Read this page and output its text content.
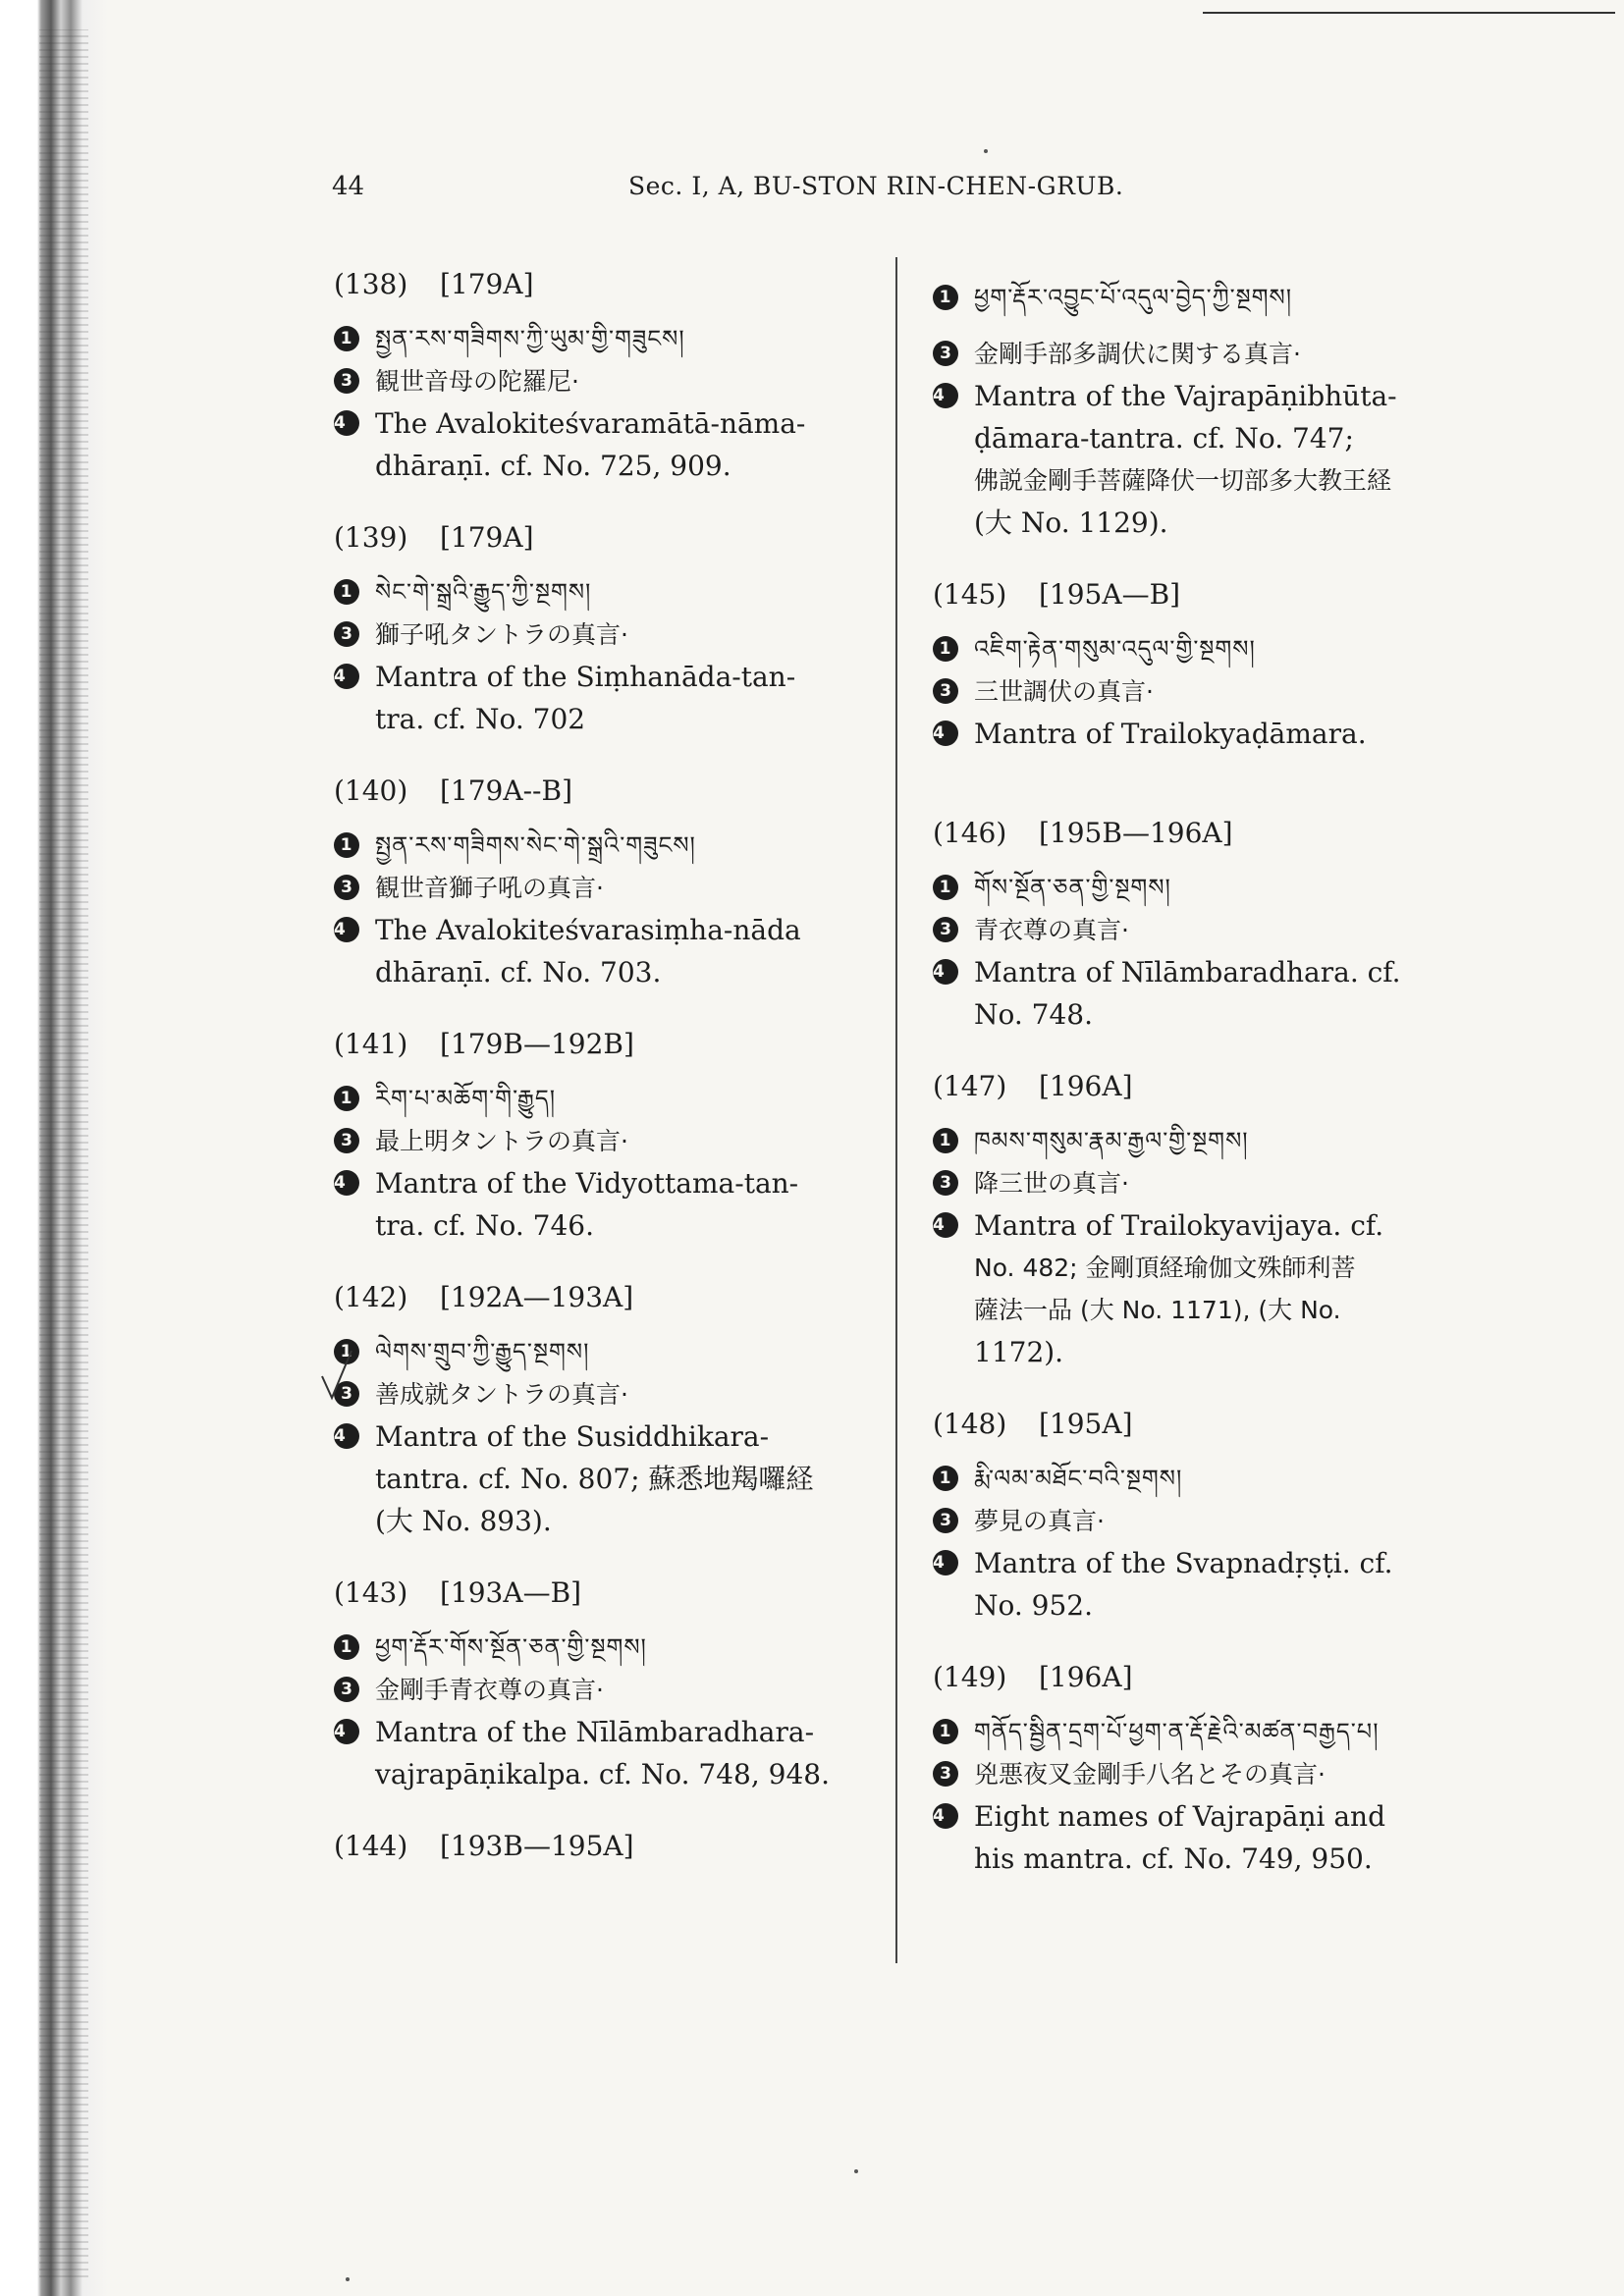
44	Sec. I, A, BU-STON RIN-CHEN-GRUB.
(138) [179A]
1 སྤྱན་རས་གཟིགས་ཀྱི་ཡུམ་གྱི་གཟུངས།
3 観世音母の陀羅尼·
4	The Avalokiteśvaramātā-nāma-
dhāraṇī. cf. No. 725, 909.
(139) [179A]
1 སེང་གེ་སྒྲའི་རྒྱུད་ཀྱི་སྔགས།
3 獅子吼タントラの真言·
4	Mantra of the Siṃhanāda-tan-
tra. cf. No. 702
(140) [179A--B]
1 སྤྱན་རས་གཟིགས་སེང་གེ་སྒྲའི་གཟུངས།
3 観世音獅子吼の真言·
4	The Avalokiteśvarasiṃha-nāda
dhāraṇī. cf. No. 703.
(141) [179B—192B]
1 རིག་པ་མཆོག་གི་རྒྱུད།
3 最上明タントラの真言·
4	Mantra of the Vidyottama-tan-
tra. cf. No. 746.
(142) [192A—193A]
1 ལེགས་གྲུབ་ཀྱི་རྒྱུད་སྔགས།
3 善成就タントラの真言·
4	Mantra of the Susiddhikara-
tantra. cf. No. 807; 蘇悉地羯囉経
(大 No. 893).
(143) [193A—B]
1 ཕྱག་རྡོར་གོས་སྔོན་ཅན་གྱི་སྔགས།
3 金剛手青衣尊の真言·
4	Mantra of the Nīlāmbaradhara-
vajrapāṇikalpa. cf. No. 748, 948.
(144) [193B—195A]
1 ཕྱག་རྡོར་འབྱུང་པོ་འདུལ་བྱེད་ཀྱི་སྔགས།
3 金剛手部多調伏に関する真言·
4	Mantra of the Vajrapāṇibhūta-
ḍāmara-tantra. cf. No. 747;
佛説金剛手菩薩降伏一切部多大教王経
(大 No. 1129).
(145) [195A—B]
1 འཇིག་རྟེན་གསུམ་འདུལ་གྱི་སྔགས།
3 三世調伏の真言·
4	Mantra of Trailokyaḍāmara.
(146) [195B—196A]
1 གོས་སྔོན་ཅན་གྱི་སྔགས།
3 青衣尊の真言·
4	Mantra of Nīlāmbaradhara. cf.
No. 748.
(147) [196A]
1 ཁམས་གསུམ་རྣམ་རྒྱལ་གྱི་སྔགས།
3 降三世の真言·
4	Mantra of Trailokyavijaya. cf.
No. 482; 金剛頂経瑜伽文殊師利菩
薩法一品 (大 No. 1171), (大 No.
1172).
(148) [195A]
1 རྨི་ལམ་མཐོང་བའི་སྔགས།
3 夢見の真言·
4	Mantra of the Svapnadṛṣṭi. cf.
No. 952.
(149) [196A]
1 གནོད་སྦྱིན་དྲག་པོ་ཕྱག་ན་རྡོ་རྗེའི་མཚན་བརྒྱད་པ།
3 兇悪夜叉金剛手八名とその真言·
4	Eight names of Vajrapāṇi and
his mantra. cf. No. 749, 950.
